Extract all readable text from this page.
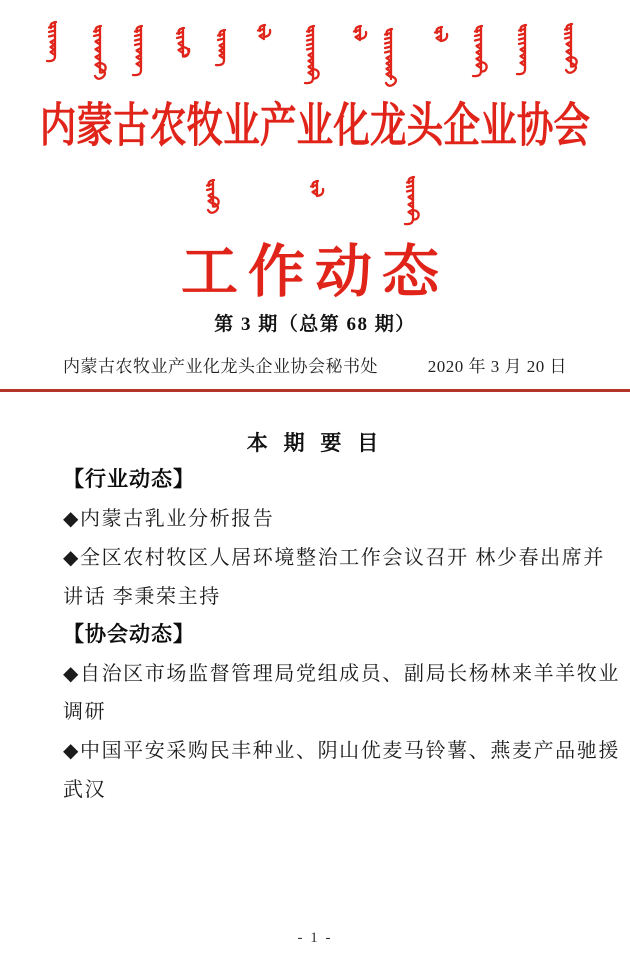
内蒙古农牧业产业化龙头企业协会
工作动态
第 3 期（总第 68 期）
内蒙古农牧业产业化龙头企业协会秘书处	2020 年 3 月 20 日
本 期 要 目
【行业动态】
◆内蒙古乳业分析报告
◆全区农村牧区人居环境整治工作会议召开 林少春出席并
讲话 李秉荣主持
【协会动态】
◆自治区市场监督管理局党组成员、副局长杨林来羊羊牧业
调研
◆中国平安采购民丰种业、阴山优麦马铃薯、燕麦产品驰援
武汉
- 1 -
